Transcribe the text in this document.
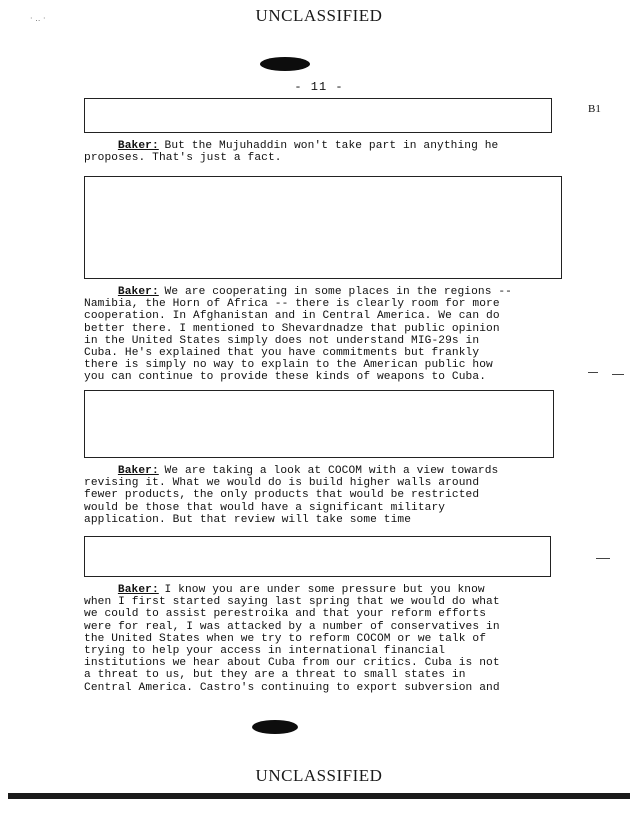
UNCLASSIFIED
· ‥ ·
- 11 -
B1
   Baker:  But the Mujuhaddin won't take part in anything he
proposes. That's just a fact.
   Baker:  We are cooperating in some places in the regions --
Namibia, the Horn of Africa -- there is clearly room for more
cooperation. In Afghanistan and in Central America. We can do
better there. I mentioned to Shevardnadze that public opinion
in the United States simply does not understand MIG-29s in
Cuba. He's explained that you have commitments but frankly
there is simply no way to explain to the American public how
you can continue to provide these kinds of weapons to Cuba.
   Baker:  We are taking a look at COCOM with a view towards
revising it. What we would do is build higher walls around
fewer products, the only products that would be restricted
would be those that would have a significant military
application. But that review will take some time
   Baker:  I know you are under some pressure but you know
when I first started saying last spring that we would do what
we could to assist perestroika and that your reform efforts
were for real, I was attacked by a number of conservatives in
the United States when we try to reform COCOM or we talk of
trying to help your access in international financial
institutions we hear about Cuba from our critics. Cuba is not
a threat to us, but they are a threat to small states in
Central America. Castro's continuing to export subversion and
UNCLASSIFIED
